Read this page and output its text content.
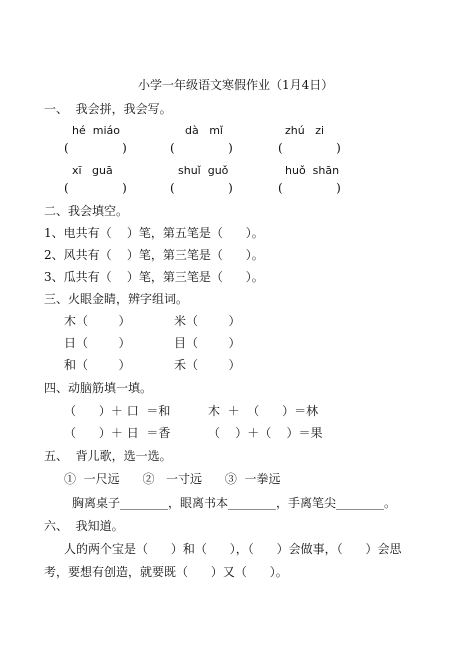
小学一年级语文寒假作业（1月4日）
一、  我会拼，我会写。
hé  miáo	dà   mǐ	zhú   zi
(              )	(              )	(              )
xī   guā	shuǐ  guǒ	huǒ  shān
(              )	(              )	(              )
二、我会填空。
1、电共有（    ）笔，第五笔是（      ）。
2、风共有（    ）笔，第三笔是（      ）。
3、瓜共有（    ）笔，第三笔是（      ）。
三、火眼金睛，辨字组词。
木（        ）	米（        ）
日（        ）	目（        ）
和（        ）	禾（        ）
四、动脑筋填一填。
（      ）＋ 口  ＝和	木  ＋  （      ）＝林
（      ）＋ 日  ＝香	（    ）＋（    ）＝果
五、  背儿歌，选一选。
①  一尺远      ②   一寸远      ③  一拳远
胸离桌子________，眼离书本________，手离笔尖________。
六、  我知道。
人的两个宝是（      ）和（      ），（      ）会做事，（      ）会思
考，要想有创造，就要既（      ）又（      ）。
